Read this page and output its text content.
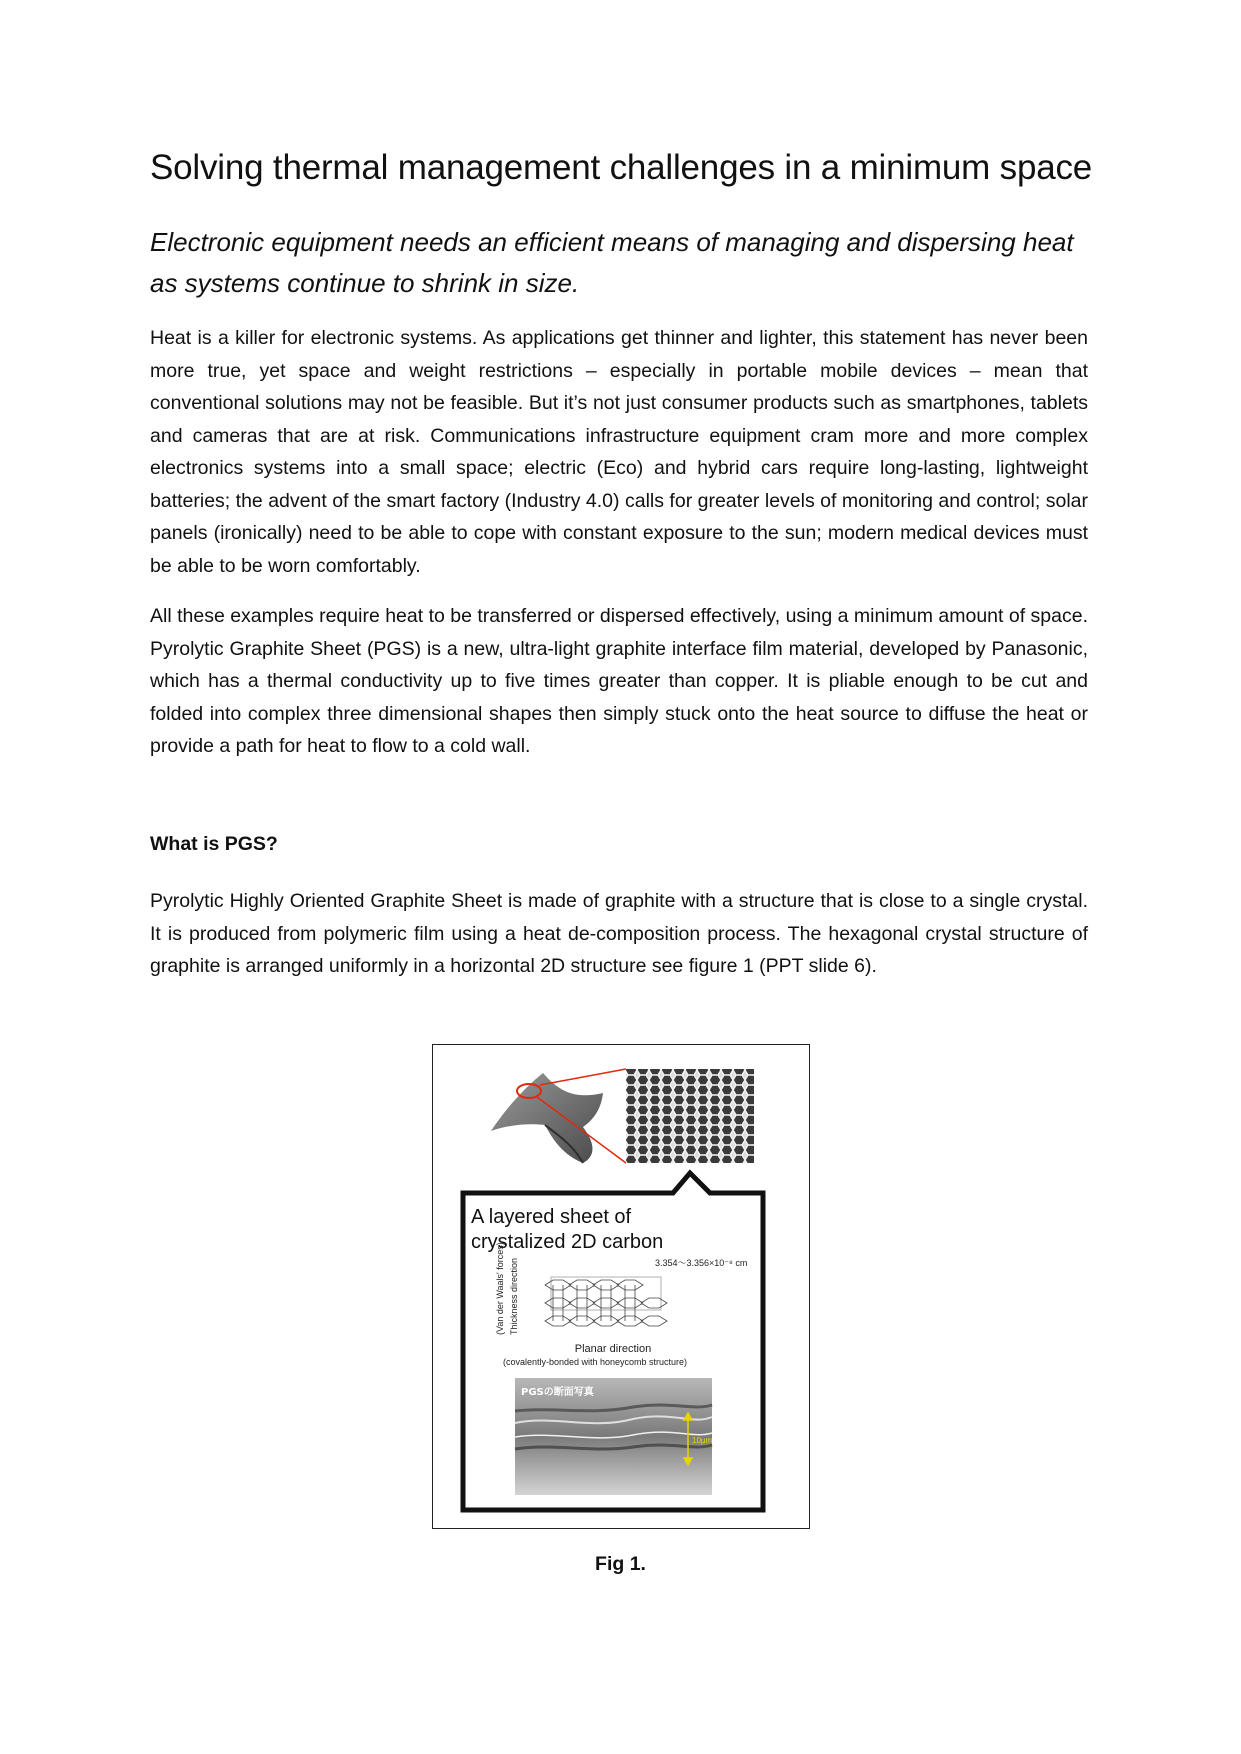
Solving thermal management challenges in a minimum space

Electronic equipment needs an efficient means of managing and dispersing heat as systems continue to shrink in size.

Heat is a killer for electronic systems. As applications get thinner and lighter, this statement has never been more true, yet space and weight restrictions – especially in portable mobile devices – mean that conventional solutions may not be feasible. But it’s not just consumer products such as smartphones, tablets and cameras that are at risk. Communications infrastructure equipment cram more and more complex electronics systems into a small space; electric (Eco) and hybrid cars require long-lasting, lightweight batteries; the advent of the smart factory (Industry 4.0) calls for greater levels of monitoring and control; solar panels (ironically) need to be able to cope with constant exposure to the sun; modern medical devices must be able to be worn comfortably.

All these examples require heat to be transferred or dispersed effectively, using a minimum amount of space. Pyrolytic Graphite Sheet (PGS) is a new, ultra-light graphite interface film material, developed by Panasonic, which has a thermal conductivity up to five times greater than copper. It is pliable enough to be cut and folded into complex three dimensional shapes then simply stuck onto the heat source to diffuse the heat or provide a path for heat to flow to a cold wall.

What is PGS?

Pyrolytic Highly Oriented Graphite Sheet is made of graphite with a structure that is close to a single crystal. It is produced from polymeric film using a heat de-composition process. The hexagonal crystal structure of graphite is arranged uniformly in a horizontal 2D structure see figure 1 (PPT slide 6).

A layered sheet of
crystalized 2D carbon
(Van der Waals' forces) Thickness direction	3.354～3.356×10⁻⁸ cm
Planar direction
(covalently-bonded with honeycomb structure)
PGSの断面写真
10μm

Fig 1.
